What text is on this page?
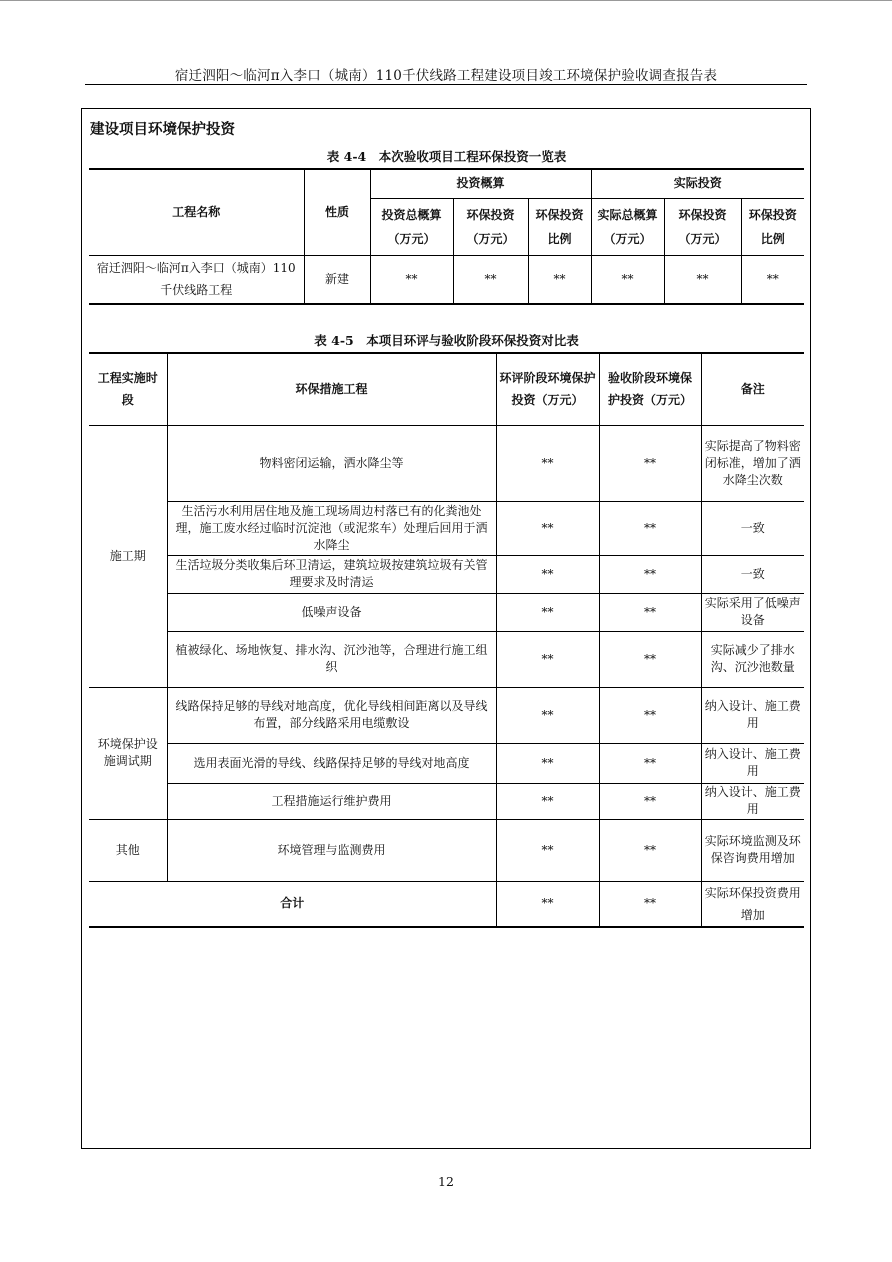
宿迁泗阳～临河π入李口（城南）110千伏线路工程建设项目竣工环境保护验收调查报告表
建设项目环境保护投资
表 4-4　本次验收项目工程环保投资一览表
工程名称	性质	投资概算			实际投资		
		投资总概算（万元）	环保投资（万元）	环保投资比例	实际总概算（万元）	环保投资（万元）	环保投资比例
宿迁泗阳～临河π入李口（城南）110千伏线路工程	新建	**	**	**	**	**	**
表 4-5　本项目环评与验收阶段环保投资对比表
工程实施时段	环保措施工程	环评阶段环境保护投资（万元）	验收阶段环境保护投资（万元）	备注
施工期	物料密闭运输，洒水降尘等	**	**	实际提高了物料密闭标准，增加了洒水降尘次数
	生活污水利用居住地及施工现场周边村落已有的化粪池处理，施工废水经过临时沉淀池（或泥浆车）处理后回用于洒水降尘	**	**	一致
	生活垃圾分类收集后环卫清运，建筑垃圾按建筑垃圾有关管理要求及时清运	**	**	一致
	低噪声设备	**	**	实际采用了低噪声设备
	植被绿化、场地恢复、排水沟、沉沙池等，合理进行施工组织	**	**	实际减少了排水沟、沉沙池数量
环境保护设施调试期	线路保持足够的导线对地高度，优化导线相间距离以及导线布置，部分线路采用电缆敷设	**	**	纳入设计、施工费用
	选用表面光滑的导线、线路保持足够的导线对地高度	**	**	纳入设计、施工费用
	工程措施运行维护费用	**	**	纳入设计、施工费用
其他	环境管理与监测费用	**	**	实际环境监测及环保咨询费用增加
合计		**	**	实际环保投资费用增加
12
